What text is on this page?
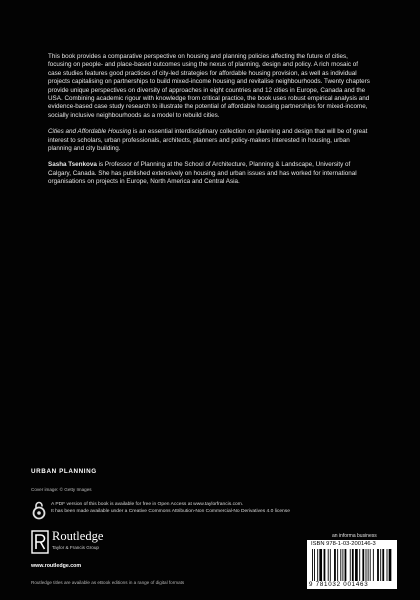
This book provides a comparative perspective on housing and planning policies affecting the future of cities, focusing on people- and place-based outcomes using the nexus of planning, design and policy. A rich mosaic of case studies features good practices of city-led strategies for affordable housing provision, as well as individual projects capitalising on partnerships to build mixed-income housing and revitalise neighbourhoods. Twenty chapters provide unique perspectives on diversity of approaches in eight countries and 12 cities in Europe, Canada and the USA. Combining academic rigour with knowledge from critical practice, the book uses robust empirical analysis and evidence-based case study research to illustrate the potential of affordable housing partnerships for mixed-income, socially inclusive neighbourhoods as a model to rebuild cities.

Cities and Affordable Housing is an essential interdisciplinary collection on planning and design that will be of great interest to scholars, urban professionals, architects, planners and policy-makers interested in housing, urban planning and city building.

Sasha Tsenkova is Professor of Planning at the School of Architecture, Planning & Landscape, University of Calgary, Canada. She has published extensively on housing and urban issues and has worked for international organisations on projects in Europe, North America and Central Asia.

URBAN PLANNING
Cover image: © Getty Images
A PDF version of this book is available for free in Open Access at www.taylorfrancis.com.
It has been made available under a Creative Commons Attribution-Non Commercial-No Derivatives 4.0 license
Routledge
Taylor & Francis Group
www.routledge.com
Routledge titles are available as eBook editions in a range of digital formats
an informa business
ISBN 978-1-03-200146-3
9 781032 001463
